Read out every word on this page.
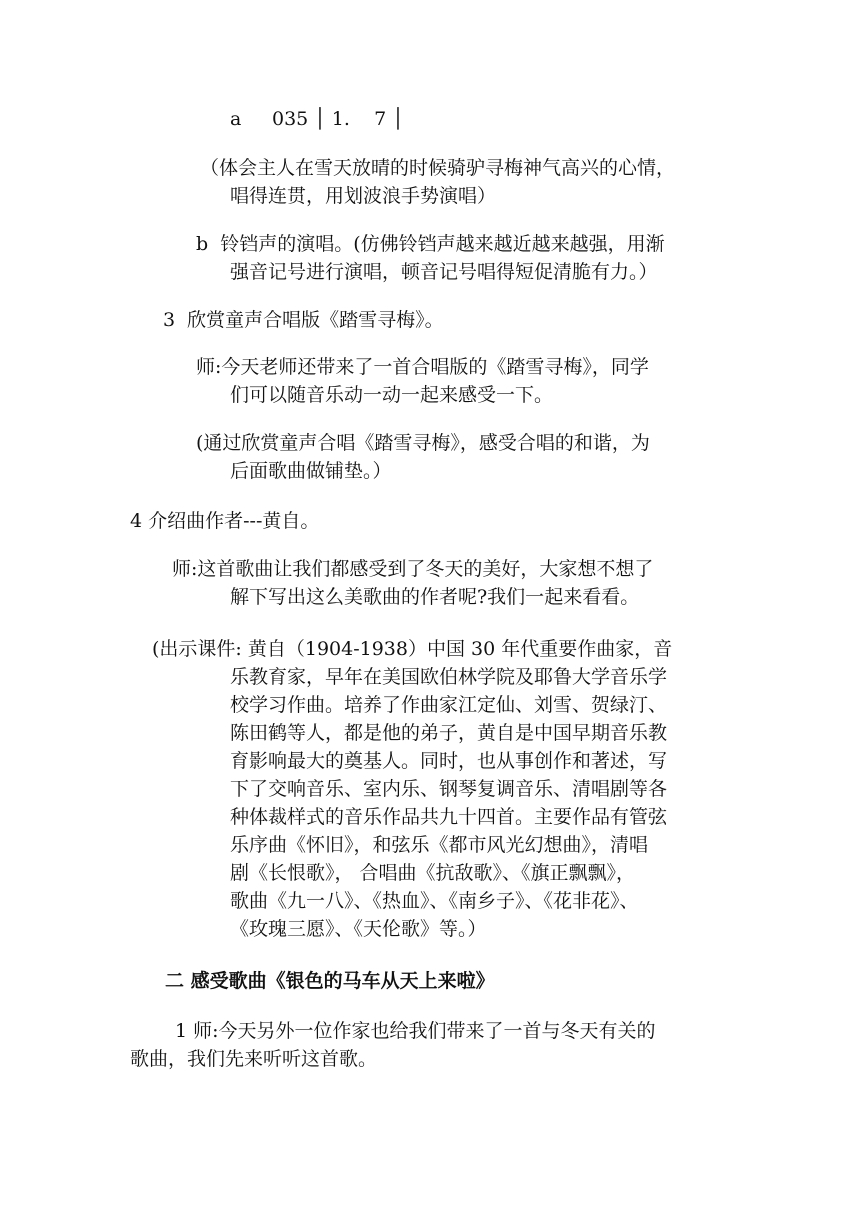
a 035 │ 1.    7 │
（体会主人在雪天放晴的时候骑驴寻梅神气高兴的心情，
唱得连贯，用划波浪手势演唱）
b  铃铛声的演唱。(仿佛铃铛声越来越近越来越强，用渐
强音记号进行演唱，顿音记号唱得短促清脆有力。）
3  欣赏童声合唱版《踏雪寻梅》。
师:今天老师还带来了一首合唱版的《踏雪寻梅》，同学
们可以随音乐动一动一起来感受一下。
(通过欣赏童声合唱《踏雪寻梅》，感受合唱的和谐，为
后面歌曲做铺垫。）
4 介绍曲作者---黄自。
师:这首歌曲让我们都感受到了冬天的美好，大家想不想了
解下写出这么美歌曲的作者呢?我们一起来看看。
(出示课件: 黄自（1904-1938）中国 30 年代重要作曲家，音
乐教育家，早年在美国欧伯林学院及耶鲁大学音乐学
校学习作曲。培养了作曲家江定仙、刘雪、贺绿汀、
陈田鹤等人，都是他的弟子，黄自是中国早期音乐教
育影响最大的奠基人。同时，也从事创作和著述，写
下了交响音乐、室内乐、钢琴复调音乐、清唱剧等各
种体裁样式的音乐作品共九十四首。主要作品有管弦
乐序曲《怀旧》，和弦乐《都市风光幻想曲》，清唱
剧《长恨歌》， 合唱曲《抗敌歌》、《旗正飘飘》，
歌曲《九一八》、《热血》、《南乡子》、《花非花》、
《玫瑰三愿》、《天伦歌》等。）
二 感受歌曲《银色的马车从天上来啦》
1 师:今天另外一位作家也给我们带来了一首与冬天有关的
歌曲，我们先来听听这首歌。
